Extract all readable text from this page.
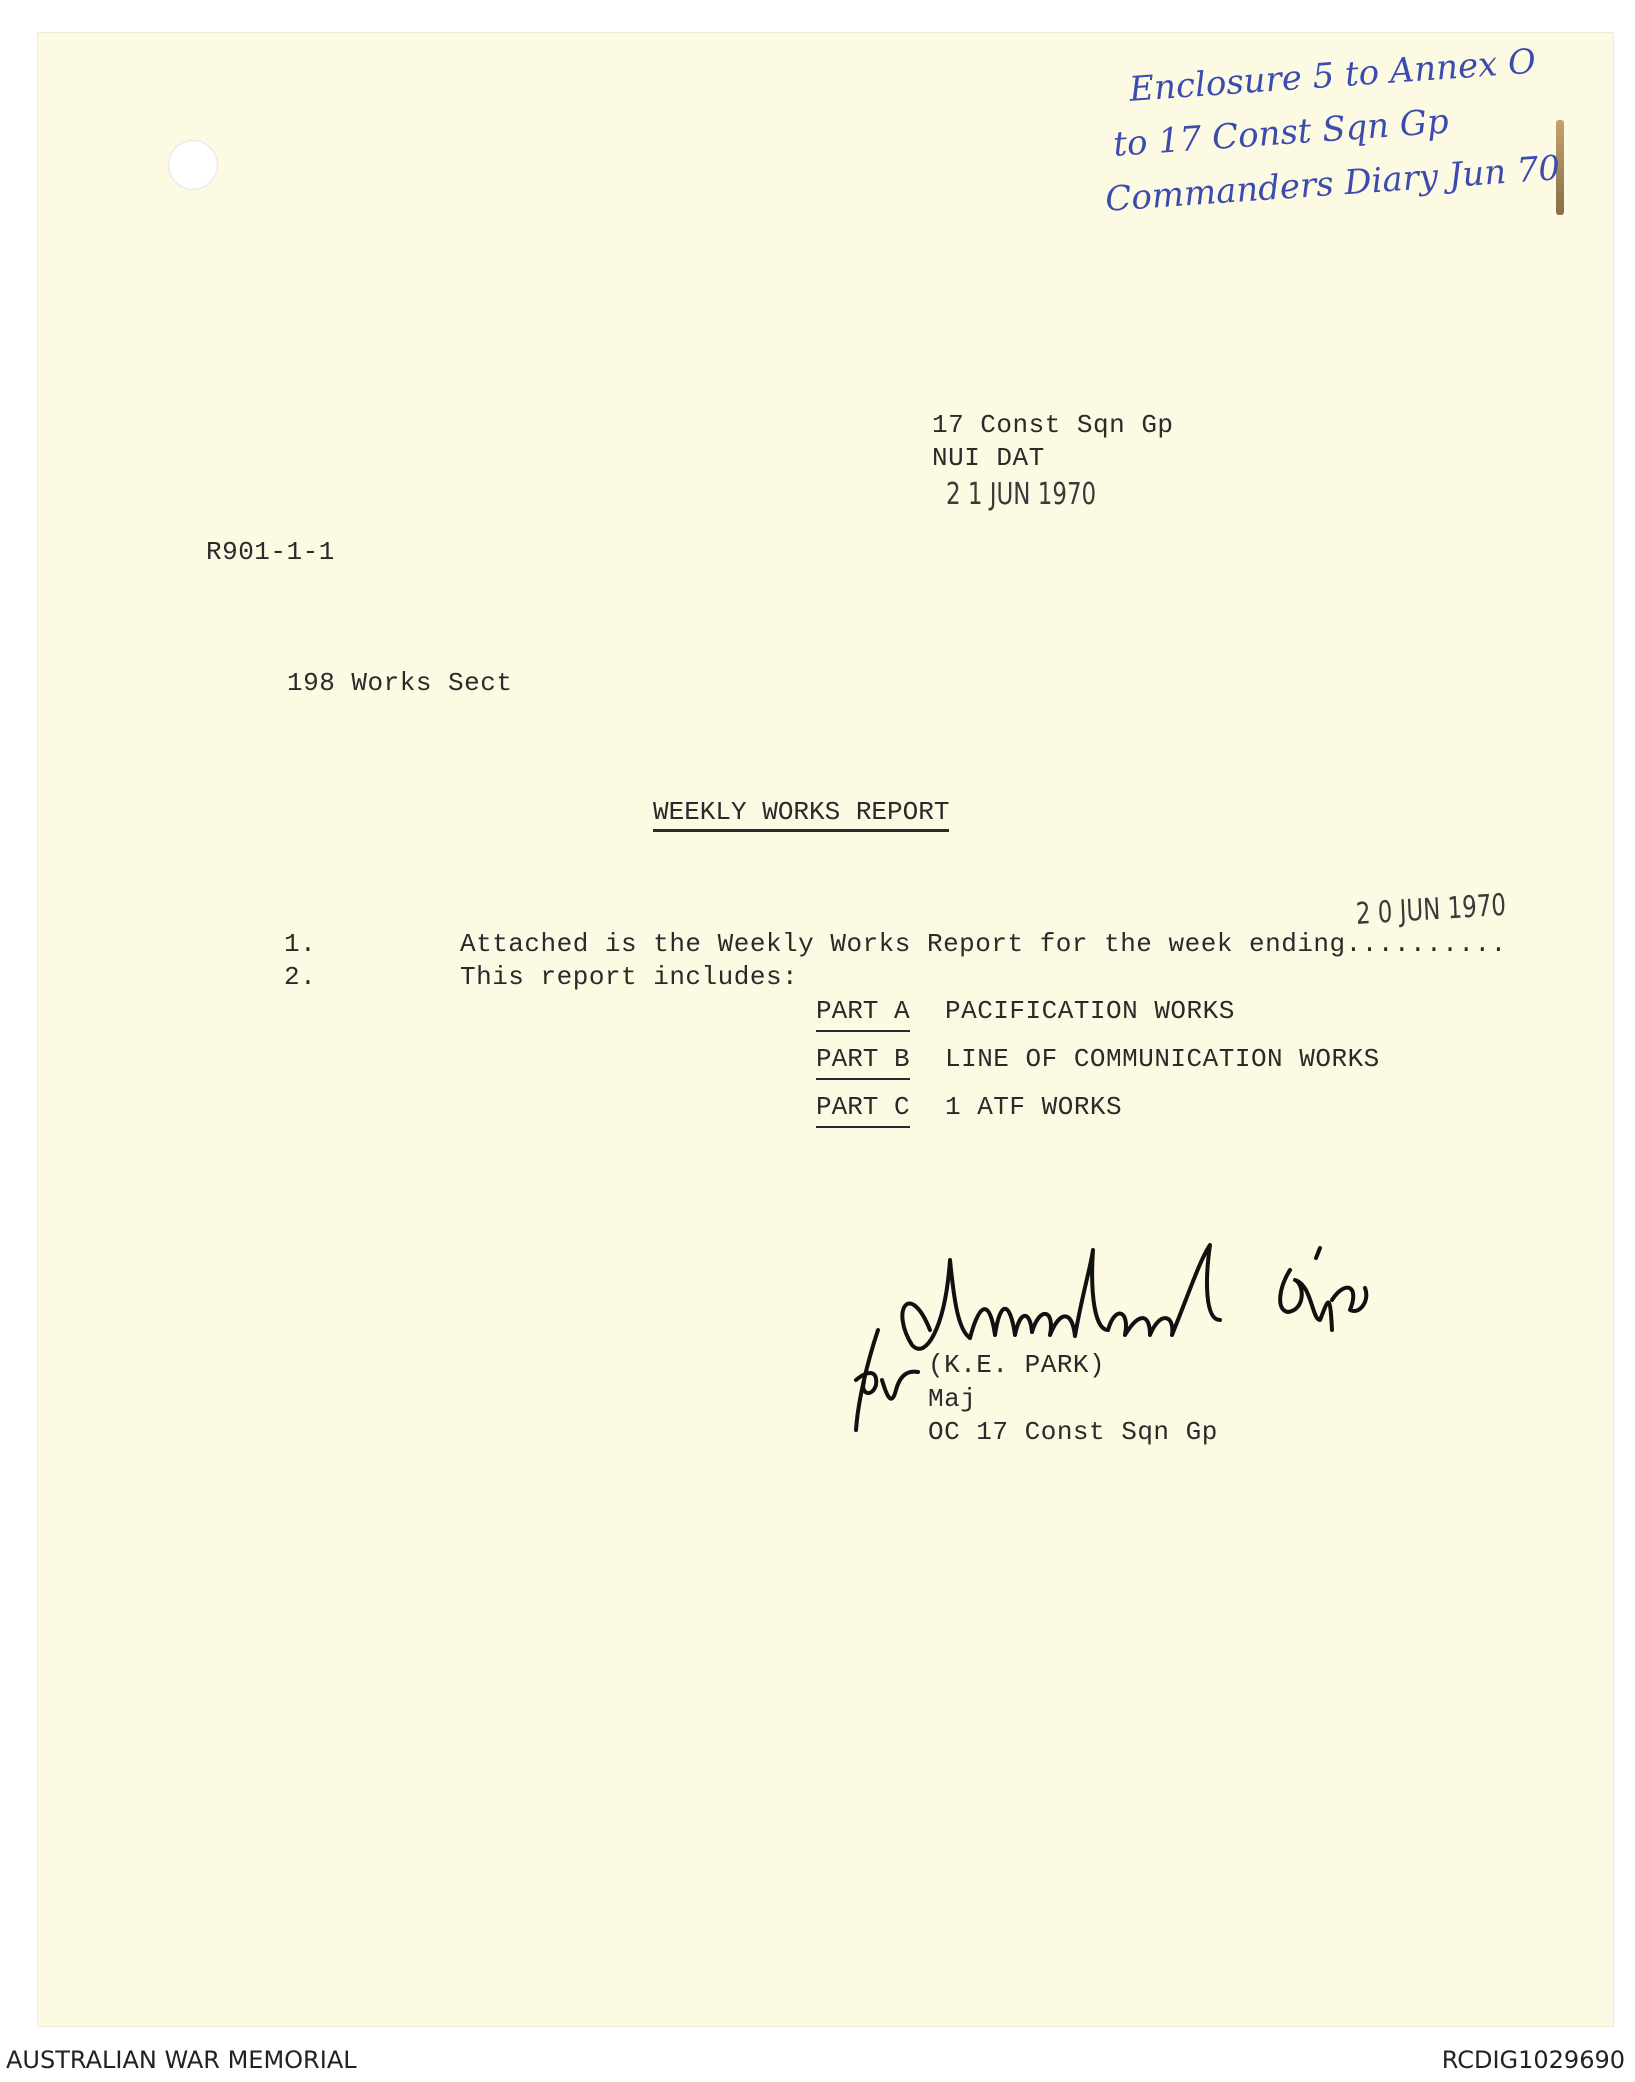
Enclosure 5 to Annex O
to 17 Const Sqn Gp
Commanders Diary Jun 70
17 Const Sqn Gp
NUI DAT
2 1 JUN 1970
R901-1-1
198 Works Sect
WEEKLY WORKS REPORT
1.	Attached is the Weekly Works Report for the week ending..........
2 0 JUN 1970
2.	This report includes:
PART A PACIFICATION WORKS
PART B LINE OF COMMUNICATION WORKS
PART C 1 ATF WORKS
(K.E. PARK)
Maj
OC 17 Const Sqn Gp
AUSTRALIAN WAR MEMORIAL	RCDIG1029690
